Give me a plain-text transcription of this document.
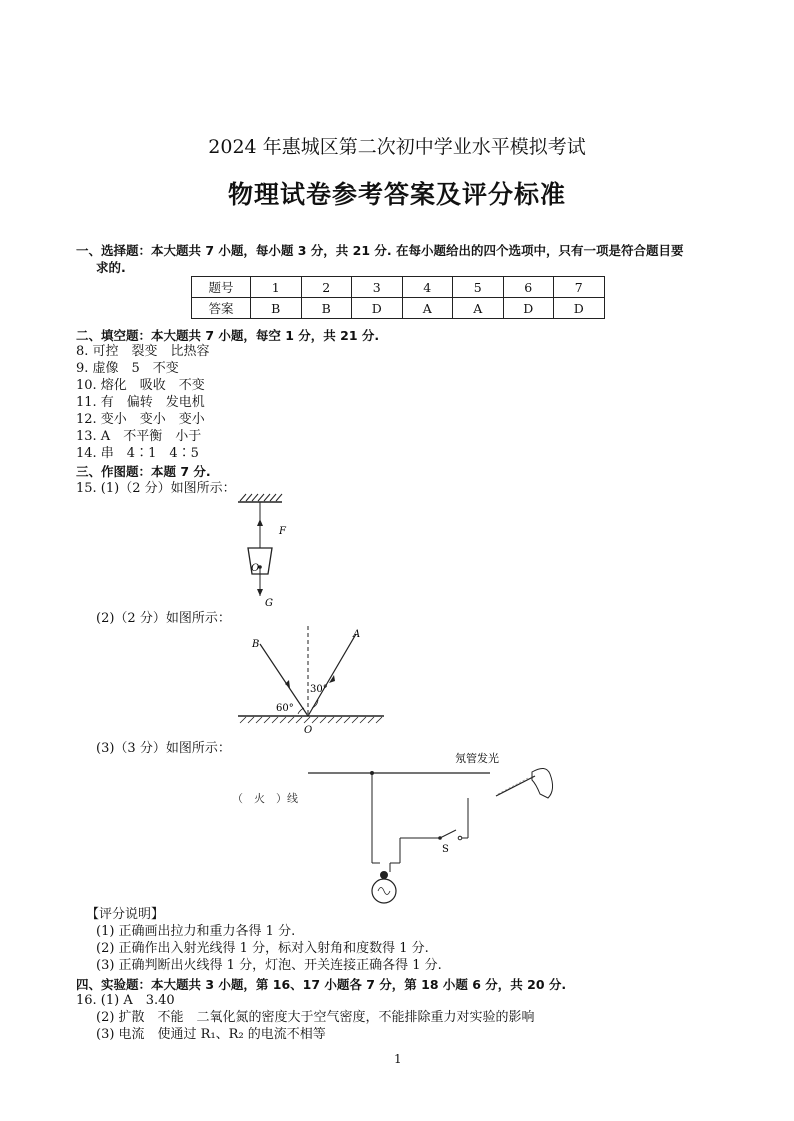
2024 年惠城区第二次初中学业水平模拟考试
物理试卷参考答案及评分标准
一、选择题：本大题共 7 小题，每小题 3 分，共 21 分. 在每小题给出的四个选项中，只有一项是符合题目要
求的.
题号	1	2	3	4	5	6	7
答案	B	B	D	A	A	D	D
二、填空题：本大题共 7 小题，每空 1 分，共 21 分.
8. 可控　裂变　比热容
9. 虚像　5　不变
10. 熔化　吸收　不变
11. 有　偏转　发电机
12. 变小　变小　变小
13. A　不平衡　小于
14. 串　4∶1　4∶5
三、作图题：本题 7 分.
15. (1)（2 分）如图所示：
F
O
G
(2)（2 分）如图所示：
B
A
O
30°
60°
(3)（3 分）如图所示：
（　火　）线
S
氖管发光
【评分说明】
(1) 正确画出拉力和重力各得 1 分.
(2) 正确作出入射光线得 1 分，标对入射角和度数得 1 分.
(3) 正确判断出火线得 1 分，灯泡、开关连接正确各得 1 分.
四、实验题：本大题共 3 小题，第 16、17 小题各 7 分，第 18 小题 6 分，共 20 分.
16. (1) A　3.40
(2) 扩散　不能　二氧化氮的密度大于空气密度，不能排除重力对实验的影响
(3) 电流　使通过 R₁、R₂ 的电流不相等
1
